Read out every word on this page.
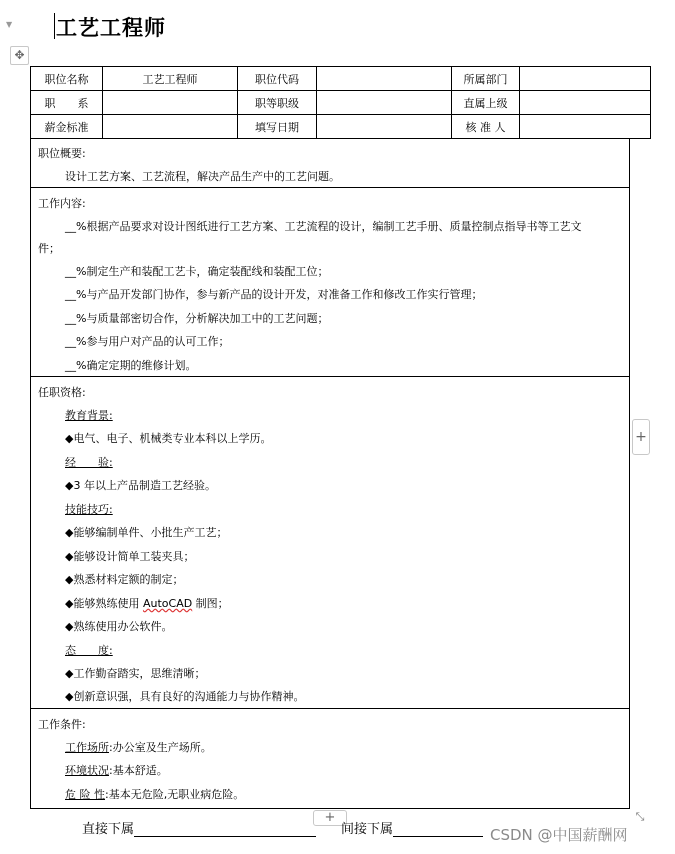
▼ 工艺工程师
✥
职位名称	工艺工程师	职位代码		所属部门	
职　　系		职等职级		直属上级	
薪金标准		填写日期		核 准 人	
职位概要:
设计工艺方案、工艺流程，解决产品生产中的工艺问题。
工作内容:
__%根据产品要求对设计图纸进行工艺方案、工艺流程的设计，编制工艺手册、质量控制点指导书等工艺文
件；
__%制定生产和装配工艺卡，确定装配线和装配工位；
__%与产品开发部门协作，参与新产品的设计开发，对准备工作和修改工作实行管理；
__%与质量部密切合作，分析解决加工中的工艺问题；
__%参与用户对产品的认可工作；
__%确定定期的维修计划。
任职资格:
教育背景:
◆电气、电子、机械类专业本科以上学历。
经　　验:
◆3 年以上产品制造工艺经验。
技能技巧:
◆能够编制单件、小批生产工艺；
◆能够设计简单工装夹具；
◆熟悉材料定额的制定；
◆能够熟练使用 AutoCAD 制图；
◆熟练使用办公软件。
态　　度:
◆工作勤奋踏实，思维清晰；
◆创新意识强，具有良好的沟通能力与协作精神。
工作条件:
工作场所:办公室及生产场所。
环境状况:基本舒适。
危 险 性:基本无危险,无职业病危险。
+
+	⤡
直接下属	间接下属	CSDN @中国薪酬网
